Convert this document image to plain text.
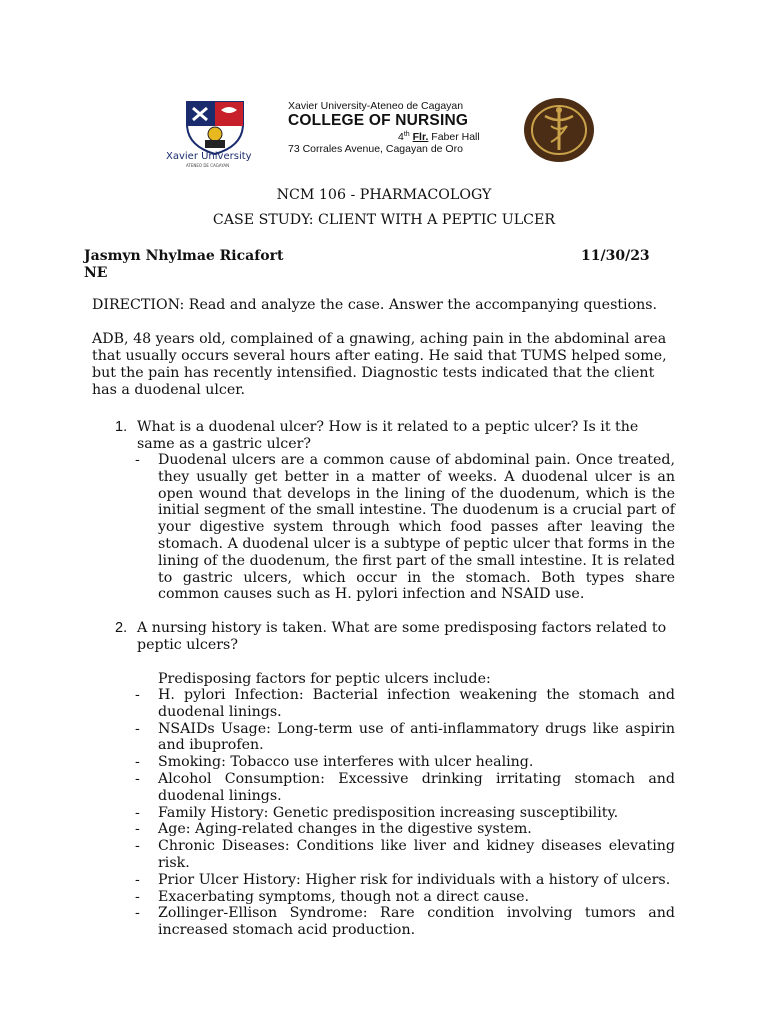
Xavier University
ATENEO DE CAGAYAN
Xavier University-Ateneo de Cagayan
COLLEGE OF NURSING
4th Flr. Faber Hall
73 Corrales Avenue, Cagayan de Oro
NCM 106 - PHARMACOLOGY
CASE STUDY: CLIENT WITH A PEPTIC ULCER
Jasmyn Nhylmae Ricafort
NE
11/30/23
DIRECTION: Read and analyze the case. Answer the accompanying questions.
ADB, 48 years old, complained of a gnawing, aching pain in the abdominal area that usually occurs several hours after eating. He said that TUMS helped some, but the pain has recently intensified. Diagnostic tests indicated that the client has a duodenal ulcer.
1. What is a duodenal ulcer? How is it related to a peptic ulcer? Is it the same as a gastric ulcer?
- Duodenal ulcers are a common cause of abdominal pain. Once treated, they usually get better in a matter of weeks. A duodenal ulcer is an open wound that develops in the lining of the duodenum, which is the initial segment of the small intestine. The duodenum is a crucial part of your digestive system through which food passes after leaving the stomach. A duodenal ulcer is a subtype of peptic ulcer that forms in the lining of the duodenum, the first part of the small intestine. It is related to gastric ulcers, which occur in the stomach. Both types share common causes such as H. pylori infection and NSAID use.
2. A nursing history is taken. What are some predisposing factors related to peptic ulcers?
Predisposing factors for peptic ulcers include:
- H. pylori Infection: Bacterial infection weakening the stomach and duodenal linings.
- NSAIDs Usage: Long-term use of anti-inflammatory drugs like aspirin and ibuprofen.
- Smoking: Tobacco use interferes with ulcer healing.
- Alcohol Consumption: Excessive drinking irritating stomach and duodenal linings.
- Family History: Genetic predisposition increasing susceptibility.
- Age: Aging-related changes in the digestive system.
- Chronic Diseases: Conditions like liver and kidney diseases elevating risk.
- Prior Ulcer History: Higher risk for individuals with a history of ulcers.
- Exacerbating symptoms, though not a direct cause.
- Zollinger-Ellison Syndrome: Rare condition involving tumors and increased stomach acid production.
